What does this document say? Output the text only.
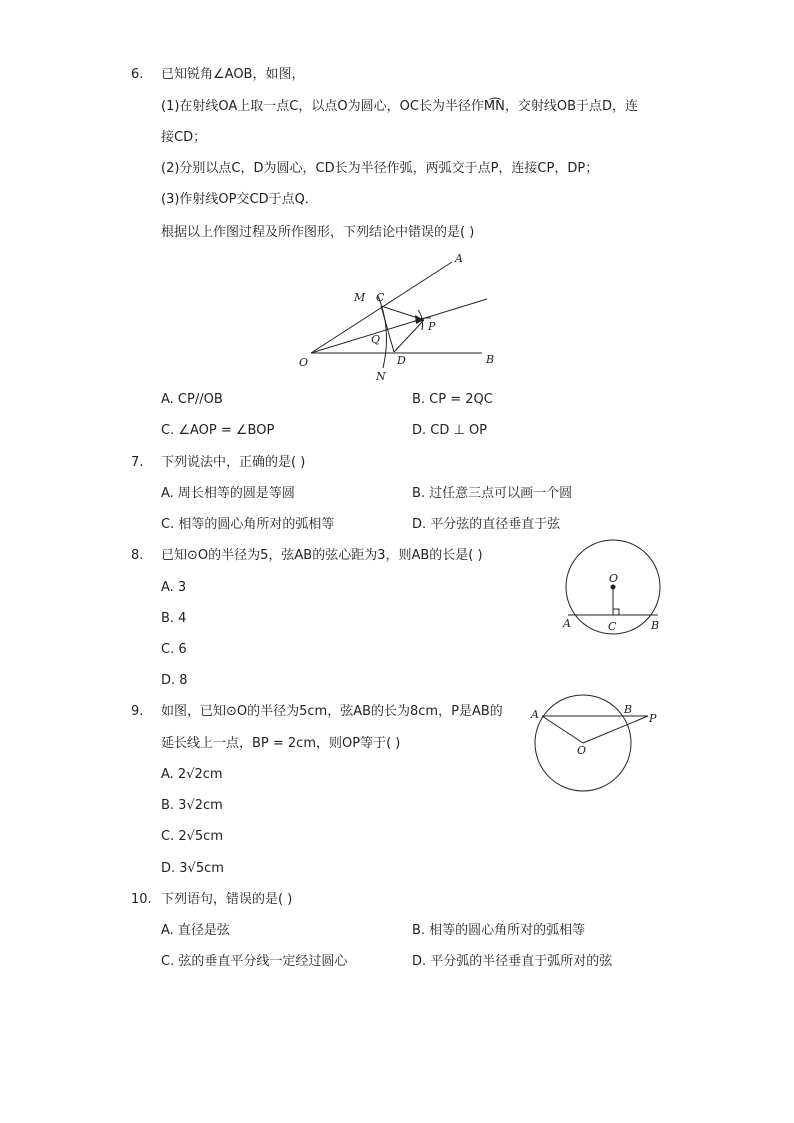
6. 已知锐角∠AOB，如图，
(1)在射线OA上取一点C，以点O为圆心，OC长为半径作M͡N，交射线OB于点D，连
接CD；
(2)分别以点C，D为圆心，CD长为半径作弧，两弧交于点P，连接CP，DP；
(3)作射线OP交CD于点Q．
根据以上作图过程及所作图形，下列结论中错误的是( )
A
B
O
M C
N
D
P
Q
A. CP//OB	B. CP = 2QC
C. ∠AOP = ∠BOP	D. CD ⊥ OP
7. 下列说法中，正确的是( )
A. 周长相等的圆是等圆	B. 过任意三点可以画一个圆
C. 相等的圆心角所对的弧相等	D. 平分弦的直径垂直于弦
8. 已知⊙O的半径为5，弦AB的弦心距为3，则AB的长是( )
A. 3
B. 4
C. 6
D. 8
O
A	C	B
9. 如图，已知⊙O的半径为5cm，弦AB的长为8cm，P是AB的
延长线上一点，BP = 2cm，则OP等于( )
A. 2√2cm
B. 3√2cm
C. 2√5cm
D. 3√5cm
A	B
P
O
10. 下列语句，错误的是( )
A. 直径是弦	B. 相等的圆心角所对的弧相等
C. 弦的垂直平分线一定经过圆心	D. 平分弧的半径垂直于弧所对的弦
